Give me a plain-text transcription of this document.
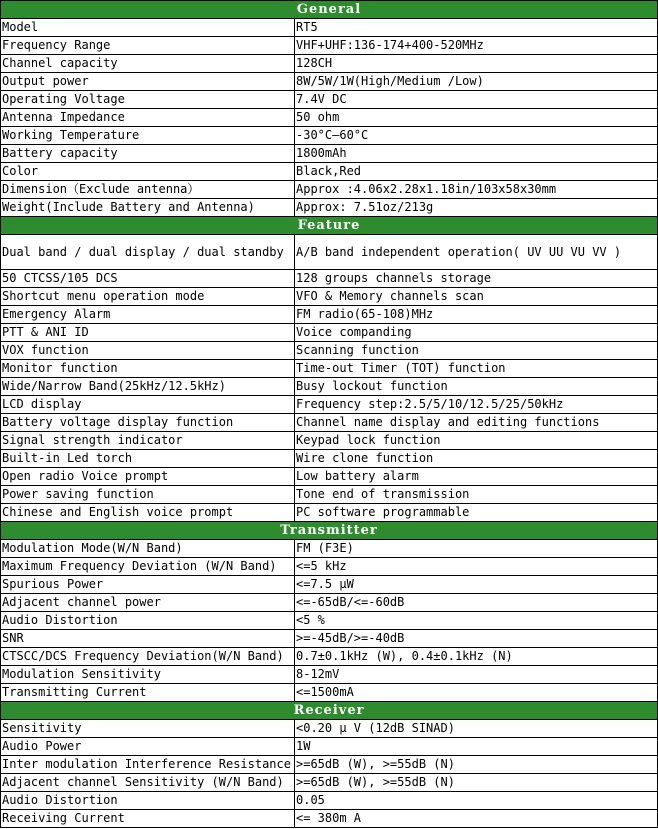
General	
Model	RT5
Frequency Range	VHF+UHF:136-174+400-520MHz
Channel capacity	128CH
Output power	8W/5W/1W(High/Medium /Low)
Operating Voltage	7.4V DC
Antenna Impedance	50 ohm
Working Temperature	-30°C—60°C
Battery capacity	1800mAh
Color	Black,Red
Dimension（Exclude antenna）	Approx :4.06x2.28x1.18in/103x58x30mm
Weight(Include Battery and Antenna)	Approx: 7.51oz/213g
Feature	
Dual band / dual display / dual standby	A/B band independent operation( UV UU VU VV )
50 CTCSS/105 DCS	128 groups channels storage
Shortcut menu operation mode	VFO & Memory channels scan
Emergency Alarm	FM radio(65-108)MHz
PTT & ANI ID	Voice companding
VOX function	Scanning function
Monitor function	Time-out Timer (TOT) function
Wide/Narrow Band(25kHz/12.5kHz)	Busy lockout function
LCD display	Frequency step:2.5/5/10/12.5/25/50kHz
Battery voltage display function	Channel name display and editing functions
Signal strength indicator	Keypad lock function
Built-in Led torch	Wire clone function
Open radio Voice prompt	Low battery alarm
Power saving function	Tone end of transmission
Chinese and English voice prompt	PC software programmable
Transmitter	
Modulation Mode(W/N Band)	FM (F3E)
Maximum Frequency Deviation (W/N Band)	<=5 kHz
Spurious Power	<=7.5 μW
Adjacent channel power	<=-65dB/<=-60dB
Audio Distortion	<5 %
SNR	>=-45dB/>=-40dB
CTSCC/DCS Frequency Deviation(W/N Band)	0.7±0.1kHz (W), 0.4±0.1kHz (N)
Modulation Sensitivity	8-12mV
Transmitting Current	<=1500mA
Receiver	
Sensitivity	<0.20 μ V (12dB SINAD)
Audio Power	1W
Inter modulation Interference Resistance	>=65dB (W), >=55dB (N)
Adjacent channel Sensitivity (W/N Band)	>=65dB (W), >=55dB (N)
Audio Distortion	0.05
Receiving Current	<= 380m A
